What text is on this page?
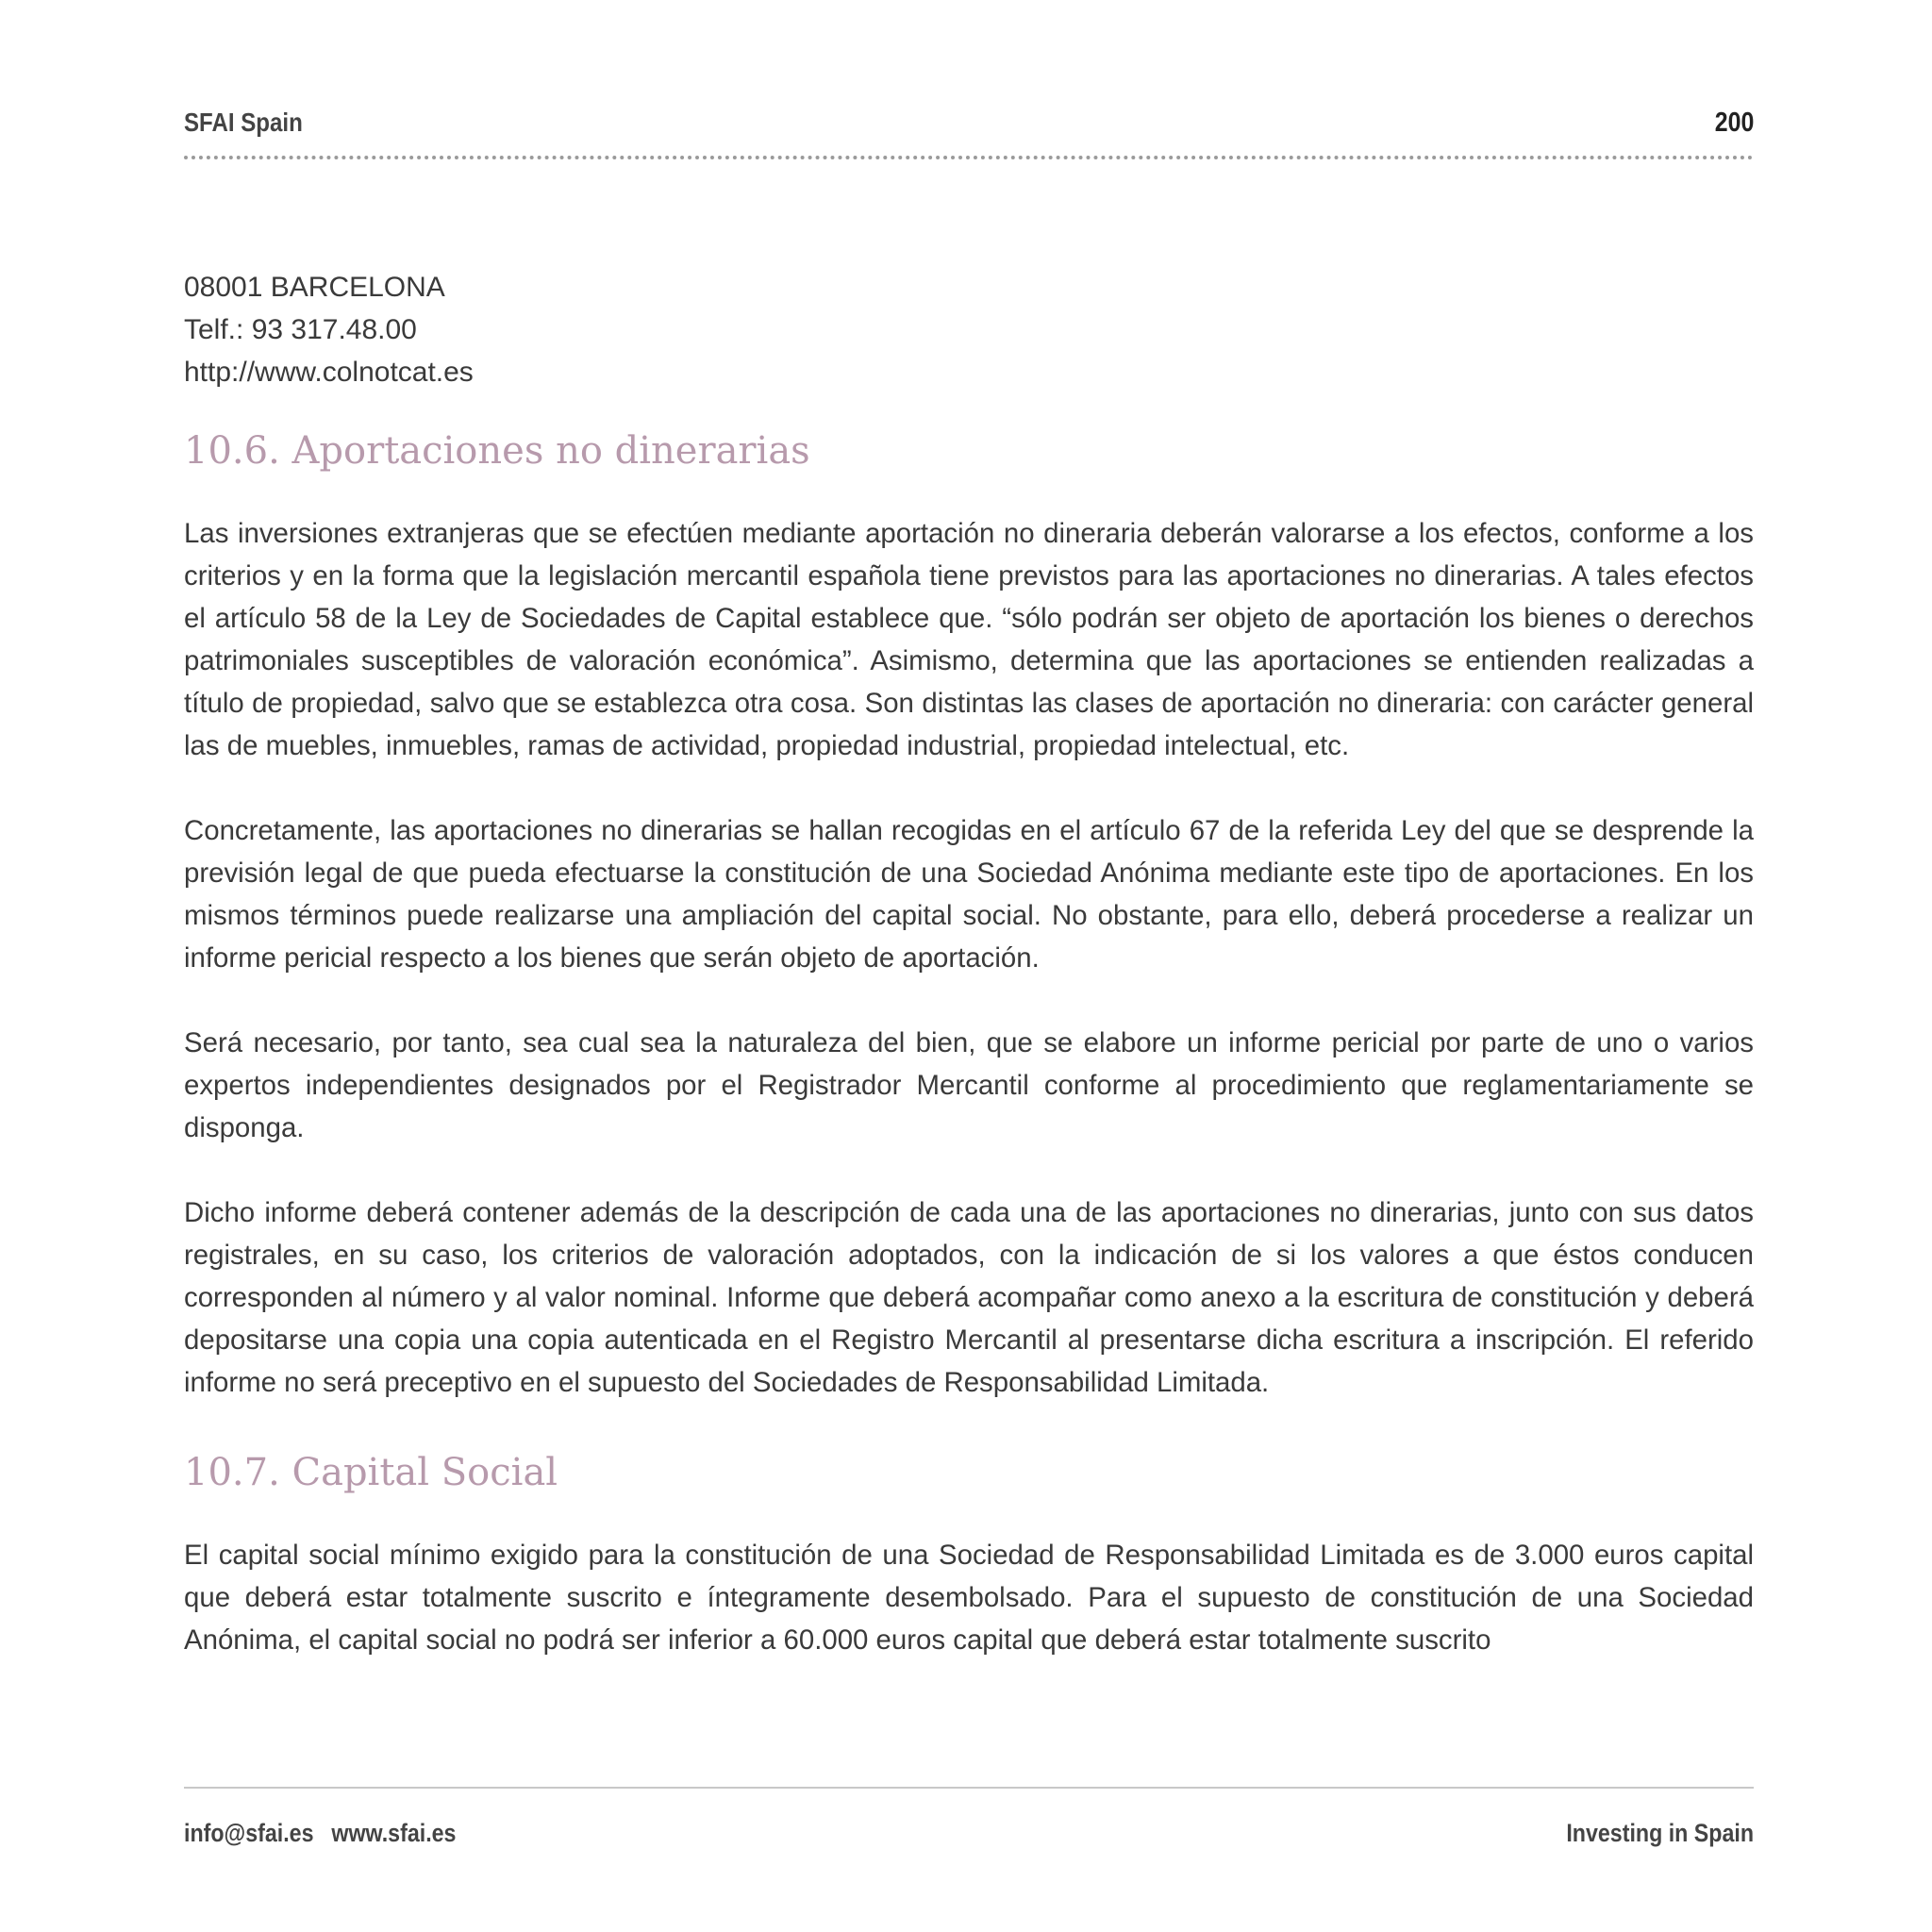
SFAI Spain	200

08001 BARCELONA

Telf.: 93 317.48.00

http://www.colnotcat.es

10.6. Aportaciones no dinerarias

Las inversiones extranjeras que se efectúen mediante aportación no dineraria deberán valorarse a los efectos, conforme a los criterios y en la forma que la legislación mercantil española tiene previstos para las aportaciones no dinerarias. A tales efectos el artículo 58 de la Ley de Sociedades de Capital establece que. “sólo podrán ser objeto de aportación los bienes o derechos patrimoniales susceptibles de valoración económica”. Asimismo, determina que las aportaciones se entienden realizadas a título de propiedad, salvo que se establezca otra cosa. Son distintas las clases de aportación no dineraria: con carácter general las de muebles, inmuebles, ramas de actividad, propiedad industrial, propiedad intelectual, etc.

Concretamente, las aportaciones no dinerarias se hallan recogidas en el artículo 67 de la referida Ley del que se desprende la previsión legal de que pueda efectuarse la constitución de una Sociedad Anónima mediante este tipo de aportaciones. En los mismos términos puede realizarse una ampliación del capital social. No obstante, para ello, deberá procederse a realizar un informe pericial respecto a los bienes que serán objeto de aportación.

Será necesario, por tanto, sea cual sea la naturaleza del bien, que se elabore un informe pericial por parte de uno o varios expertos independientes designados por el Registrador Mercantil conforme al procedimiento que reglamentariamente se disponga.

Dicho informe deberá contener además de la descripción de cada una de las aportaciones no dinerarias, junto con sus datos registrales, en su caso, los criterios de valoración adoptados, con la indicación de si los valores a que éstos conducen corresponden al número y al valor nominal. Informe que deberá acompañar como anexo a la escritura de constitución y deberá depositarse una copia una copia autenticada en el Registro Mercantil al presentarse dicha escritura a inscripción. El referido informe no será preceptivo en el supuesto del Sociedades de Responsabilidad Limitada.

10.7. Capital Social

El capital social mínimo exigido para la constitución de una Sociedad de Responsabilidad Limitada es de 3.000 euros capital que deberá estar totalmente suscrito e íntegramente desembolsado. Para el supuesto de constitución de una Sociedad Anónima, el capital social no podrá ser inferior a 60.000 euros capital que deberá estar totalmente suscrito

info@sfai.es www.sfai.es	Investing in Spain
